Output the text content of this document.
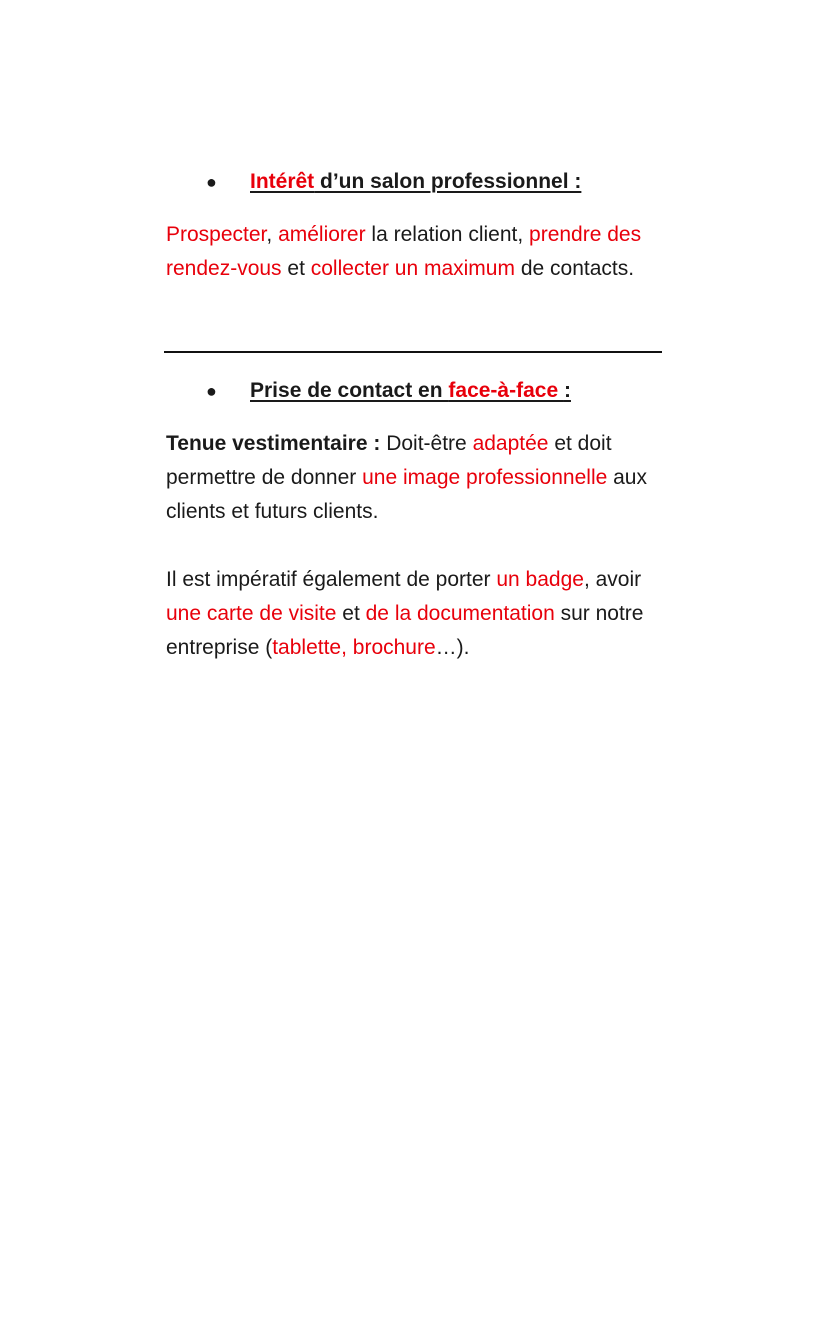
● Intérêt d’un salon professionnel :

Prospecter, améliorer la relation client, prendre des rendez-vous et collecter un maximum de contacts.

● Prise de contact en face-à-face :

Tenue vestimentaire : Doit-être adaptée et doit permettre de donner une image professionnelle aux clients et futurs clients.

Il est impératif également de porter un badge, avoir une carte de visite et de la documentation sur notre entreprise (tablette, brochure…).
